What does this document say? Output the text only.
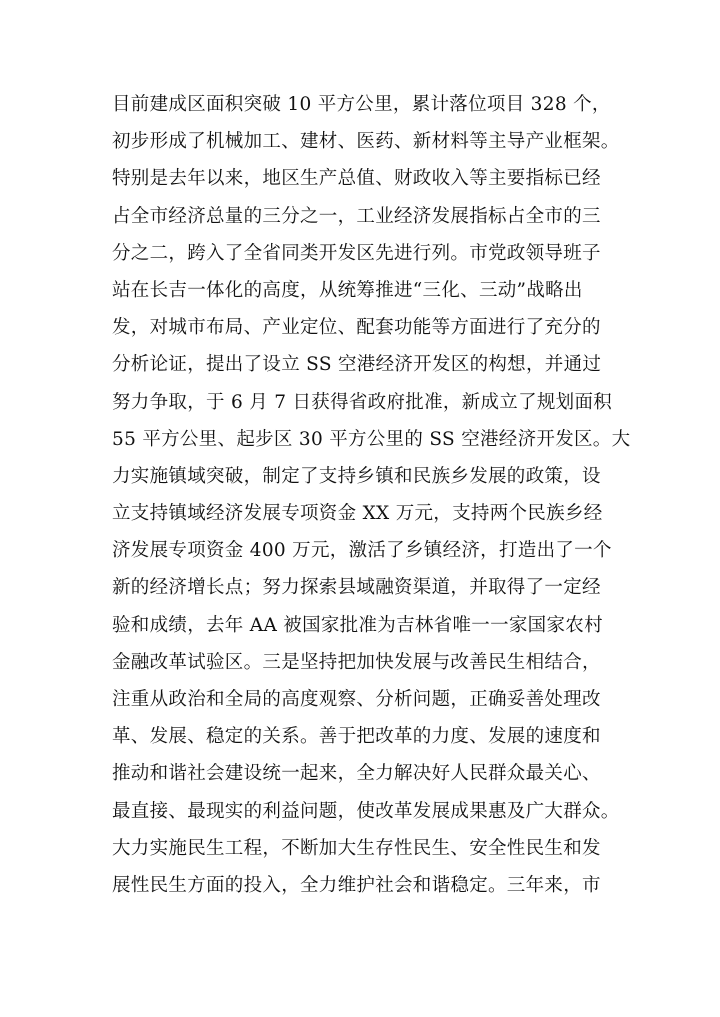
目前建成区面积突破 10 平方公里，累计落位项目 328 个，
初步形成了机械加工、建材、医药、新材料等主导产业框架。
特别是去年以来，地区生产总值、财政收入等主要指标已经
占全市经济总量的三分之一，工业经济发展指标占全市的三
分之二，跨入了全省同类开发区先进行列。市党政领导班子
站在长吉一体化的高度，从统筹推进“三化、三动”战略出
发，对城市布局、产业定位、配套功能等方面进行了充分的
分析论证，提出了设立 SS 空港经济开发区的构想，并通过
努力争取，于 6 月 7 日获得省政府批准，新成立了规划面积
55 平方公里、起步区 30 平方公里的 SS 空港经济开发区。大
力实施镇域突破，制定了支持乡镇和民族乡发展的政策，设
立支持镇域经济发展专项资金 XX 万元，支持两个民族乡经
济发展专项资金 400 万元，激活了乡镇经济，打造出了一个
新的经济增长点；努力探索县域融资渠道，并取得了一定经
验和成绩，去年 AA 被国家批准为吉林省唯一一家国家农村
金融改革试验区。三是坚持把加快发展与改善民生相结合，
注重从政治和全局的高度观察、分析问题，正确妥善处理改
革、发展、稳定的关系。善于把改革的力度、发展的速度和
推动和谐社会建设统一起来，全力解决好人民群众最关心、
最直接、最现实的利益问题，使改革发展成果惠及广大群众。
大力实施民生工程，不断加大生存性民生、安全性民生和发
展性民生方面的投入，全力维护社会和谐稳定。三年来，市
